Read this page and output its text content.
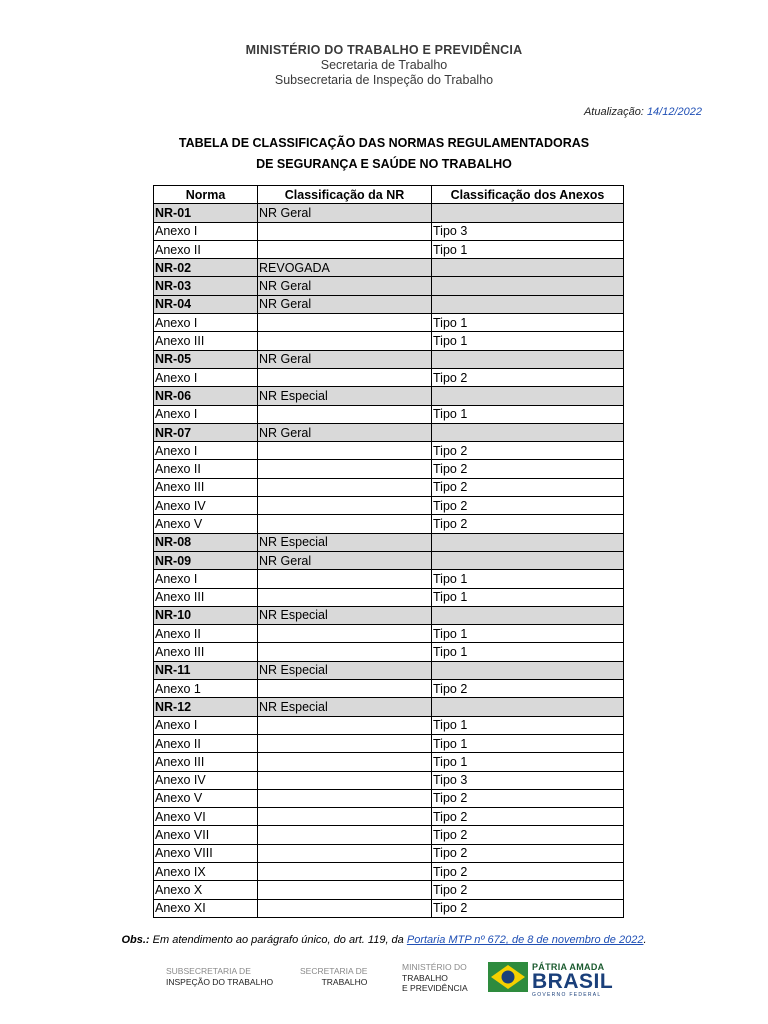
MINISTÉRIO DO TRABALHO E PREVIDÊNCIA
Secretaria de Trabalho
Subsecretaria de Inspeção do Trabalho
Atualização: 14/12/2022
TABELA DE CLASSIFICAÇÃO DAS NORMAS REGULAMENTADORAS
DE SEGURANÇA E SAÚDE NO TRABALHO
Norma	Classificação da NR	Classificação dos Anexos
NR-01	NR Geral	
Anexo I		Tipo 3
Anexo II		Tipo 1
NR-02	REVOGADA	
NR-03	NR Geral	
NR-04	NR Geral	
Anexo I		Tipo 1
Anexo III		Tipo 1
NR-05	NR Geral	
Anexo I		Tipo 2
NR-06	NR Especial	
Anexo I		Tipo 1
NR-07	NR Geral	
Anexo I		Tipo 2
Anexo II		Tipo 2
Anexo III		Tipo 2
Anexo IV		Tipo 2
Anexo V		Tipo 2
NR-08	NR Especial	
NR-09	NR Geral	
Anexo I		Tipo 1
Anexo III		Tipo 1
NR-10	NR Especial	
Anexo II		Tipo 1
Anexo III		Tipo 1
NR-11	NR Especial	
Anexo 1		Tipo 2
NR-12	NR Especial	
Anexo I		Tipo 1
Anexo II		Tipo 1
Anexo III		Tipo 1
Anexo IV		Tipo 3
Anexo V		Tipo 2
Anexo VI		Tipo 2
Anexo VII		Tipo 2
Anexo VIII		Tipo 2
Anexo IX		Tipo 2
Anexo X		Tipo 2
Anexo XI		Tipo 2
Obs.: Em atendimento ao parágrafo único, do art. 119, da Portaria MTP nº 672, de 8 de novembro de 2022.
SUBSECRETARIA DE
INSPEÇÃO DO TRABALHO
SECRETARIA DE
TRABALHO
MINISTÉRIO DO
TRABALHO
E PREVIDÊNCIA
PÁTRIA AMADA
BRASIL
GOVERNO FEDERAL
